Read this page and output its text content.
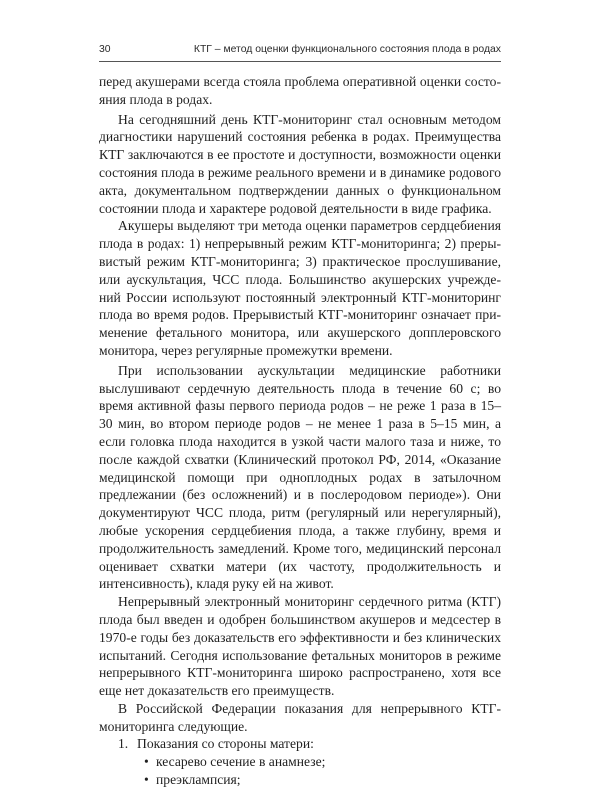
30	КТГ – метод оценки функционального состояния плода в родах

перед акушерами всегда стояла проблема оперативной оценки состояния плода в родах.

На сегодняшний день КТГ-мониторинг стал основным методом диагностики нарушений состояния ребенка в родах. Преимущества КТГ заключаются в ее простоте и доступности, возможности оценки состояния плода в режиме реального времени и в динамике родового акта, документальном подтверждении данных о функциональном состоянии плода и характере родовой деятельности в виде графика.

Акушеры выделяют три метода оценки параметров сердцебиения плода в родах: 1) непрерывный режим КТГ-мониторинга; 2) прерывистый режим КТГ-мониторинга; 3) практическое прослушивание, или аускультация, ЧСС плода. Большинство акушерских учреждений России используют постоянный электронный КТГ-мониторинг плода во время родов. Прерывистый КТГ-мониторинг означает применение фетального монитора, или акушерского допплеровского монитора, через регулярные промежутки времени.

При использовании аускультации медицинские работники выслушивают сердечную деятельность плода в течение 60 с; во время активной фазы первого периода родов – не реже 1 раза в 15–30 мин, во втором периоде родов – не менее 1 раза в 5–15 мин, а если головка плода находится в узкой части малого таза и ниже, то после каждой схватки (Клинический протокол РФ, 2014, «Оказание медицинской помощи при одноплодных родах в затылочном предлежании (без осложнений) и в послеродовом периоде»). Они документируют ЧСС плода, ритм (регулярный или нерегулярный), любые ускорения сердцебиения плода, а также глубину, время и продолжительность замедлений. Кроме того, медицинский персонал оценивает схватки матери (их частоту, продолжительность и интенсивность), кладя руку ей на живот.

Непрерывный электронный мониторинг сердечного ритма (КТГ) плода был введен и одобрен большинством акушеров и медсестер в 1970-е годы без доказательств его эффективности и без клинических испытаний. Сегодня использование фетальных мониторов в режиме непрерывного КТГ-мониторинга широко распространено, хотя все еще нет доказательств его преимуществ.

В Российской Федерации показания для непрерывного КТГ-мониторинга следующие.

1. Показания со стороны матери:
• кесарево сечение в анамнезе;
• преэклампсия;
